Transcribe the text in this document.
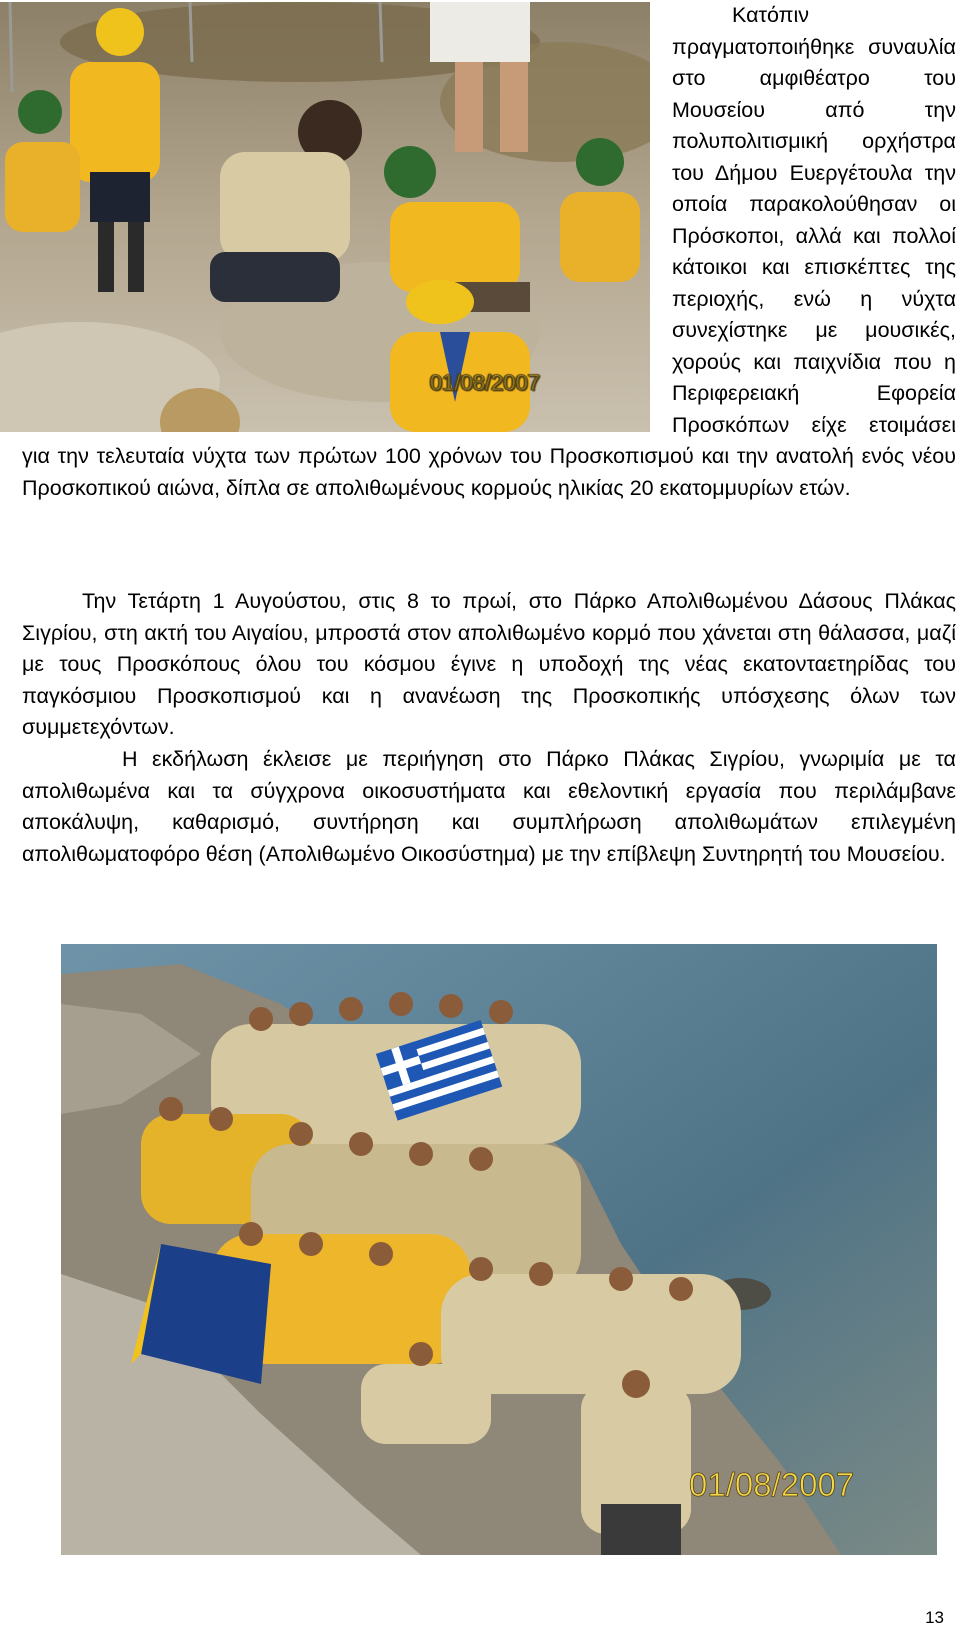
01/08/2007
Κατόπιν πραγματοποιήθηκε συναυλία στο αμφιθέατρο του Μουσείου από την πολυπολιτισμική ορχήστρα του Δήμου Ευεργέτουλα την οποία παρακολούθησαν οι Πρόσκοποι, αλλά και πολλοί κάτοικοι και επισκέπτες της περιοχής, ενώ η νύχτα συνεχίστηκε με μουσικές, χορούς και παιχνίδια που η Περιφερειακή Εφορεία Προσκόπων είχε ετοιμάσει για την τελευταία νύχτα των πρώτων 100 χρόνων του Προσκοπισμού και την ανατολή ενός νέου Προσκοπικού αιώνα, δίπλα σε απολιθωμένους κορμούς ηλικίας 20 εκατομμυρίων ετών.

Την Τετάρτη 1 Αυγούστου, στις 8 το πρωί, στο Πάρκο Απολιθωμένου Δάσους Πλάκας Σιγρίου, στη ακτή του Αιγαίου, μπροστά στον απολιθωμένο κορμό που χάνεται στη θάλασσα, μαζί με τους Προσκόπους όλου του κόσμου έγινε η υποδοχή της νέας εκατονταετηρίδας του παγκόσμιου Προσκοπισμού και η ανανέωση της Προσκοπικής υπόσχεσης όλων των συμμετεχόντων.

Η εκδήλωση έκλεισε με περιήγηση στο Πάρκο Πλάκας Σιγρίου, γνωριμία με τα απολιθωμένα και τα σύγχρονα οικοσυστήματα και εθελοντική εργασία που περιλάμβανε αποκάλυψη, καθαρισμό, συντήρηση και συμπλήρωση απολιθωμάτων επιλεγμένη απολιθωματοφόρο θέση (Απολιθωμένο Οικοσύστημα) με την επίβλεψη Συντηρητή του Μουσείου.

01/08/2007
13
